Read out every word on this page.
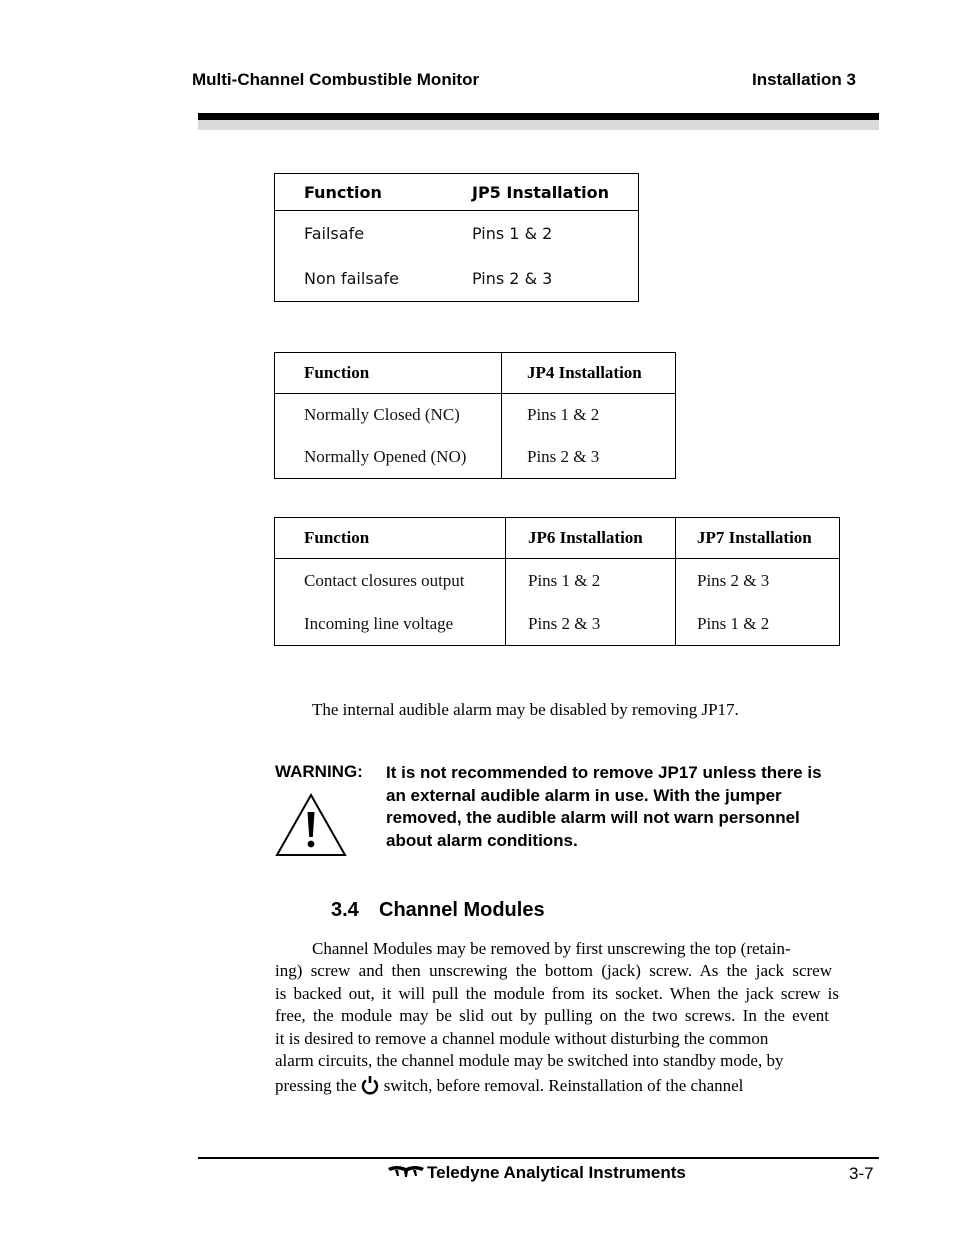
Multi-Channel Combustible Monitor	Installation 3
Function	JP5 Installation
Failsafe	Pins 1 & 2
Non failsafe	Pins 2 & 3
Function	JP4 Installation
Normally Closed (NC)	Pins 1 & 2
Normally Opened (NO)	Pins 2 & 3
Function	JP6 Installation	JP7 Installation
Contact closures output	Pins 1 & 2	Pins 2 & 3
Incoming line voltage	Pins 2 & 3	Pins 1 & 2
The internal audible alarm may be disabled by removing JP17.
WARNING: It is not recommended to remove JP17 unless there is an external audible alarm in use. With the jumper removed, the audible alarm will not warn personnel about alarm conditions.
3.4 Channel Modules
Channel Modules may be removed by first unscrewing the top (retain-
ing) screw and then unscrewing the bottom (jack) screw. As the jack screw
is backed out, it will pull the module from its socket. When the jack screw is
free, the module may be slid out by pulling on the two screws. In the event
it is desired to remove a channel module without disturbing the common
alarm circuits, the channel module may be switched into standby mode, by
pressing the switch, before removal. Reinstallation of the channel
Teledyne Analytical Instruments	3-7
